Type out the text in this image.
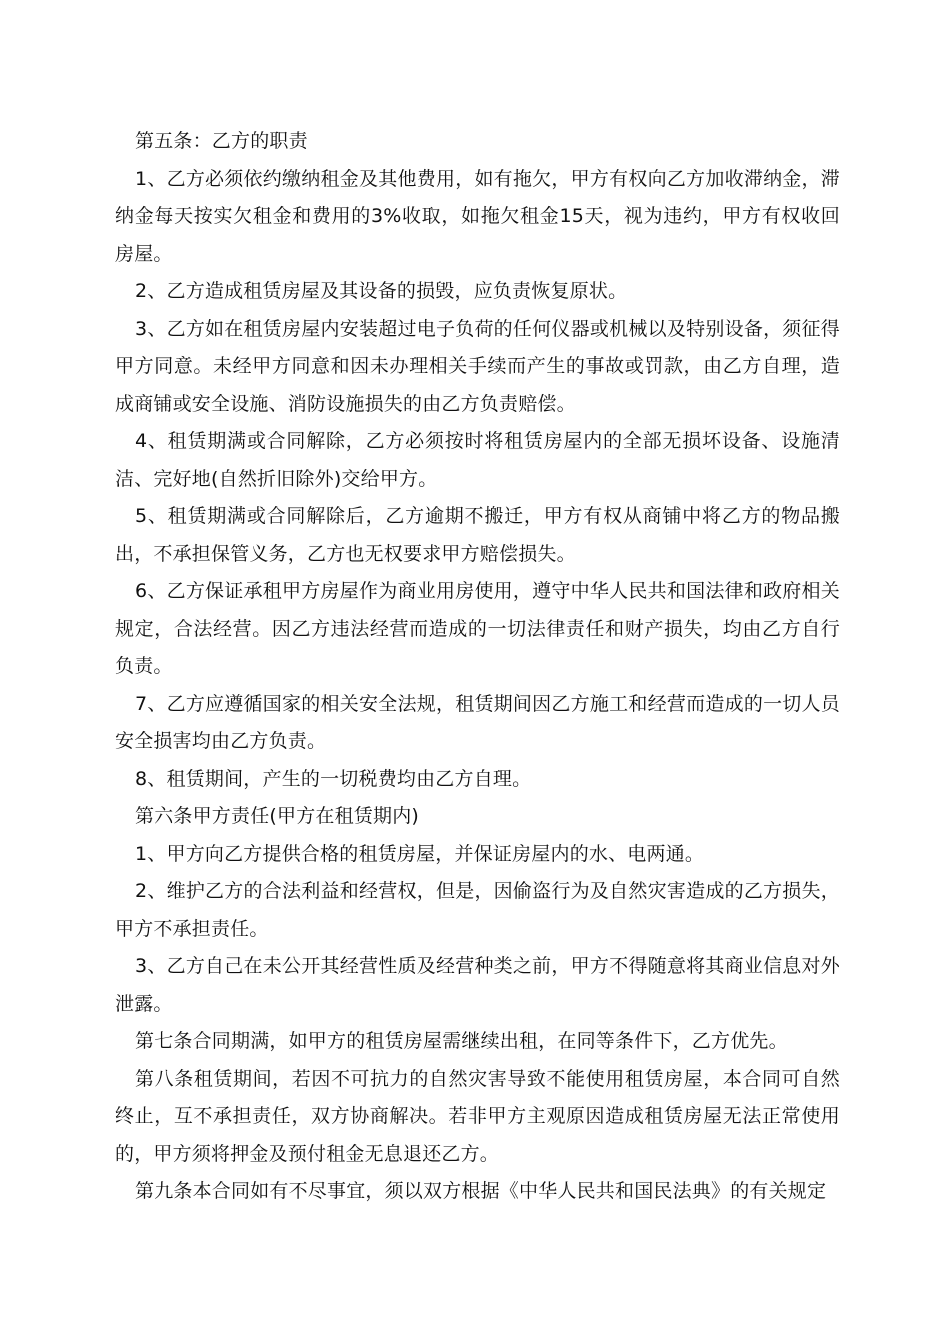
第五条：乙方的职责

1、乙方必须依约缴纳租金及其他费用，如有拖欠，甲方有权向乙方加收滞纳金，滞纳金每天按实欠租金和费用的3%收取，如拖欠租金15天，视为违约，甲方有权收回房屋。

2、乙方造成租赁房屋及其设备的损毁，应负责恢复原状。

3、乙方如在租赁房屋内安装超过电子负荷的任何仪器或机械以及特别设备，须征得甲方同意。未经甲方同意和因未办理相关手续而产生的事故或罚款，由乙方自理，造成商铺或安全设施、消防设施损失的由乙方负责赔偿。

4、租赁期满或合同解除，乙方必须按时将租赁房屋内的全部无损坏设备、设施清洁、完好地(自然折旧除外)交给甲方。

5、租赁期满或合同解除后，乙方逾期不搬迁，甲方有权从商铺中将乙方的物品搬出，不承担保管义务，乙方也无权要求甲方赔偿损失。

6、乙方保证承租甲方房屋作为商业用房使用，遵守中华人民共和国法律和政府相关规定，合法经营。因乙方违法经营而造成的一切法律责任和财产损失，均由乙方自行负责。

7、乙方应遵循国家的相关安全法规，租赁期间因乙方施工和经营而造成的一切人员安全损害均由乙方负责。

8、租赁期间，产生的一切税费均由乙方自理。

第六条甲方责任(甲方在租赁期内)

1、甲方向乙方提供合格的租赁房屋，并保证房屋内的水、电两通。

2、维护乙方的合法利益和经营权，但是，因偷盗行为及自然灾害造成的乙方损失，甲方不承担责任。

3、乙方自己在未公开其经营性质及经营种类之前，甲方不得随意将其商业信息对外泄露。

第七条合同期满，如甲方的租赁房屋需继续出租，在同等条件下，乙方优先。

第八条租赁期间，若因不可抗力的自然灾害导致不能使用租赁房屋，本合同可自然终止，互不承担责任，双方协商解决。若非甲方主观原因造成租赁房屋无法正常使用的，甲方须将押金及预付租金无息退还乙方。

第九条本合同如有不尽事宜，须以双方根据《中华人民共和国民法典》的有关规定
